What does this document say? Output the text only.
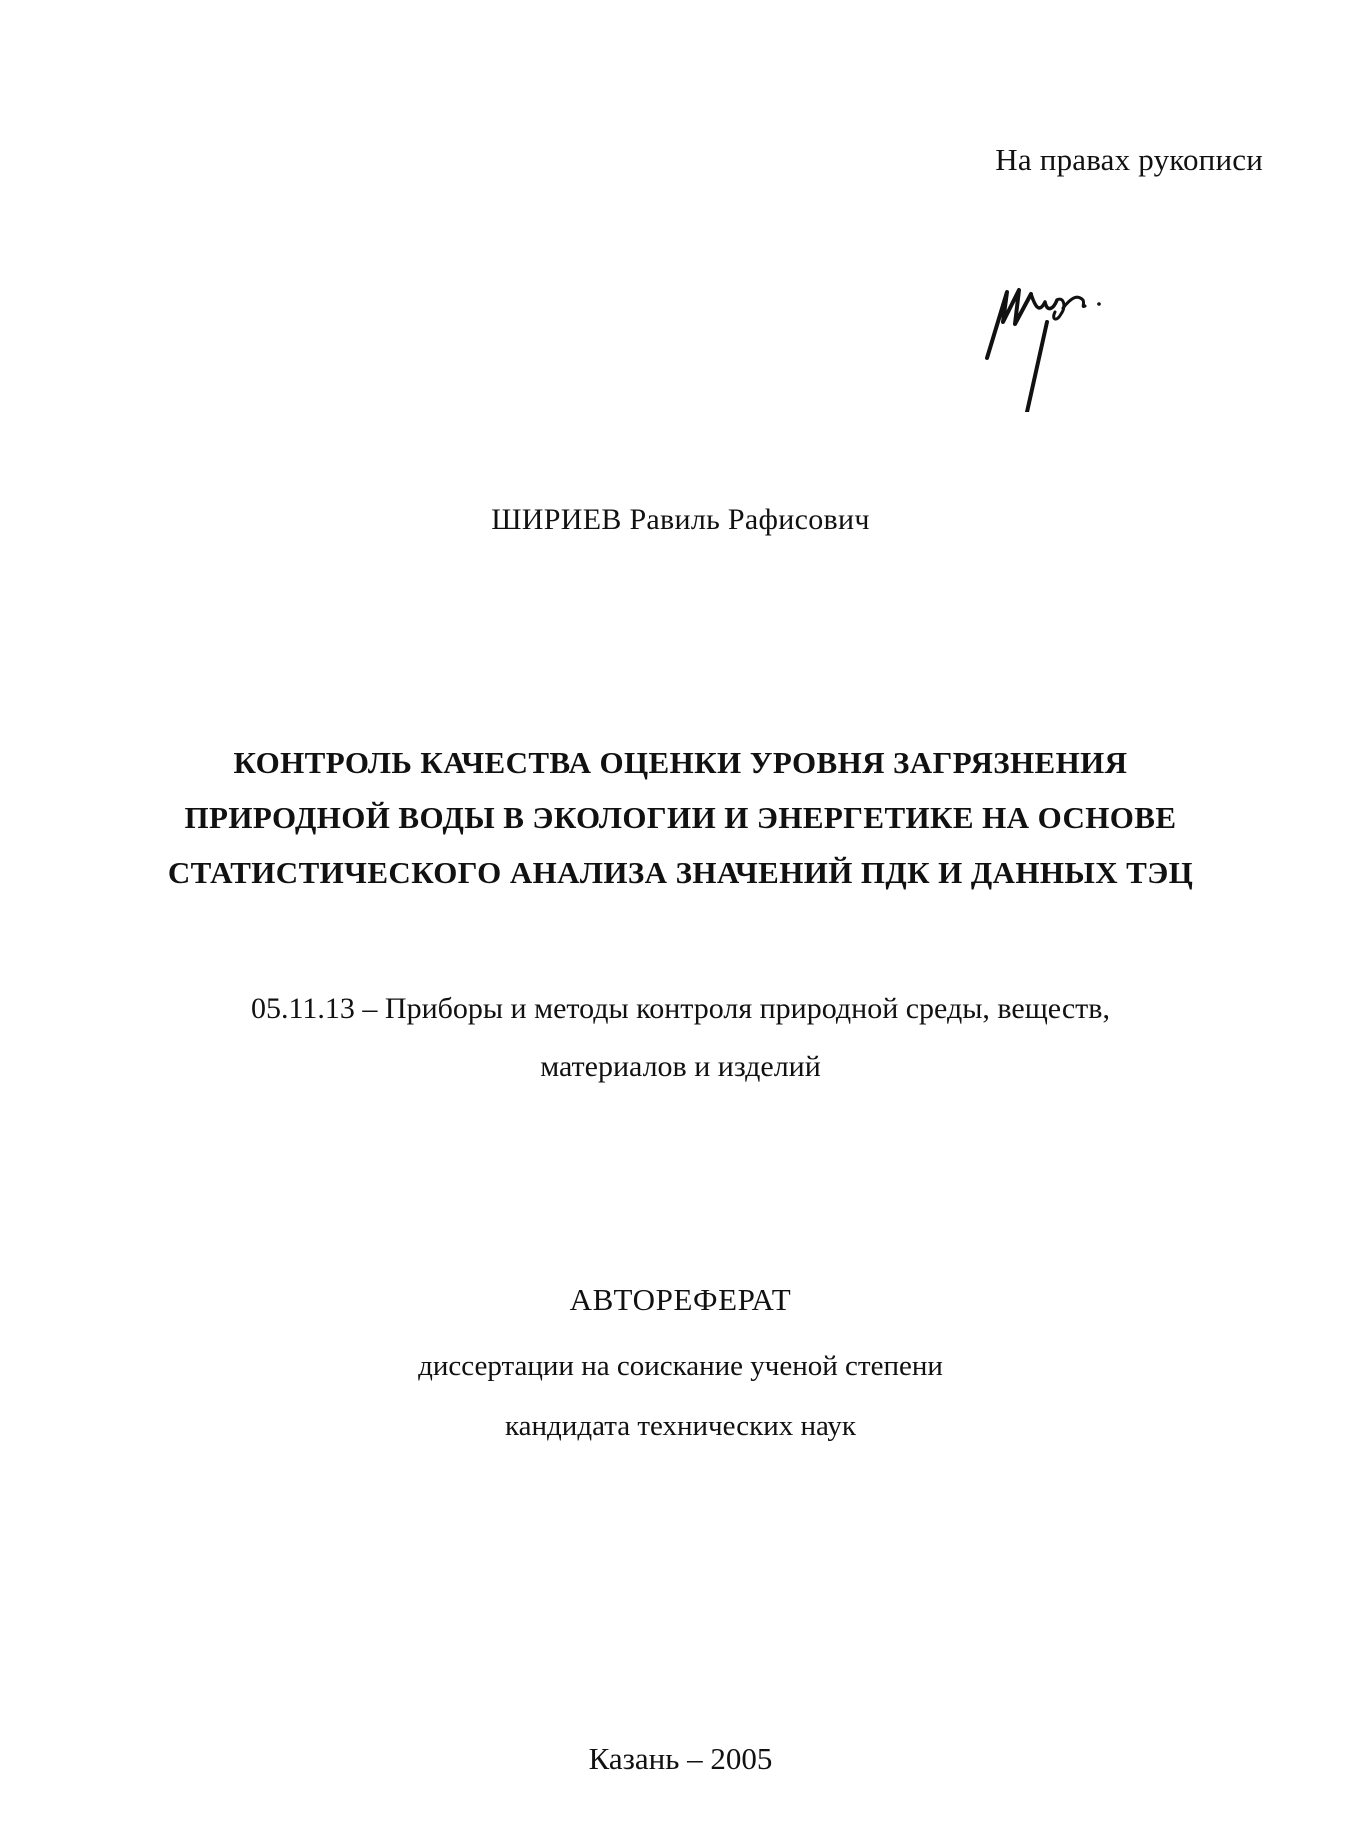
На правах рукописи
ШИРИЕВ Равиль Рафисович
КОНТРОЛЬ КАЧЕСТВА ОЦЕНКИ УРОВНЯ ЗАГРЯЗНЕНИЯ
ПРИРОДНОЙ ВОДЫ В ЭКОЛОГИИ И ЭНЕРГЕТИКЕ НА ОСНОВЕ
СТАТИСТИЧЕСКОГО АНАЛИЗА ЗНАЧЕНИЙ ПДК И ДАННЫХ ТЭЦ
05.11.13 – Приборы и методы контроля природной среды, веществ,
материалов и изделий
АВТОРЕФЕРАТ
диссертации на соискание ученой степени
кандидата технических наук
Казань – 2005
